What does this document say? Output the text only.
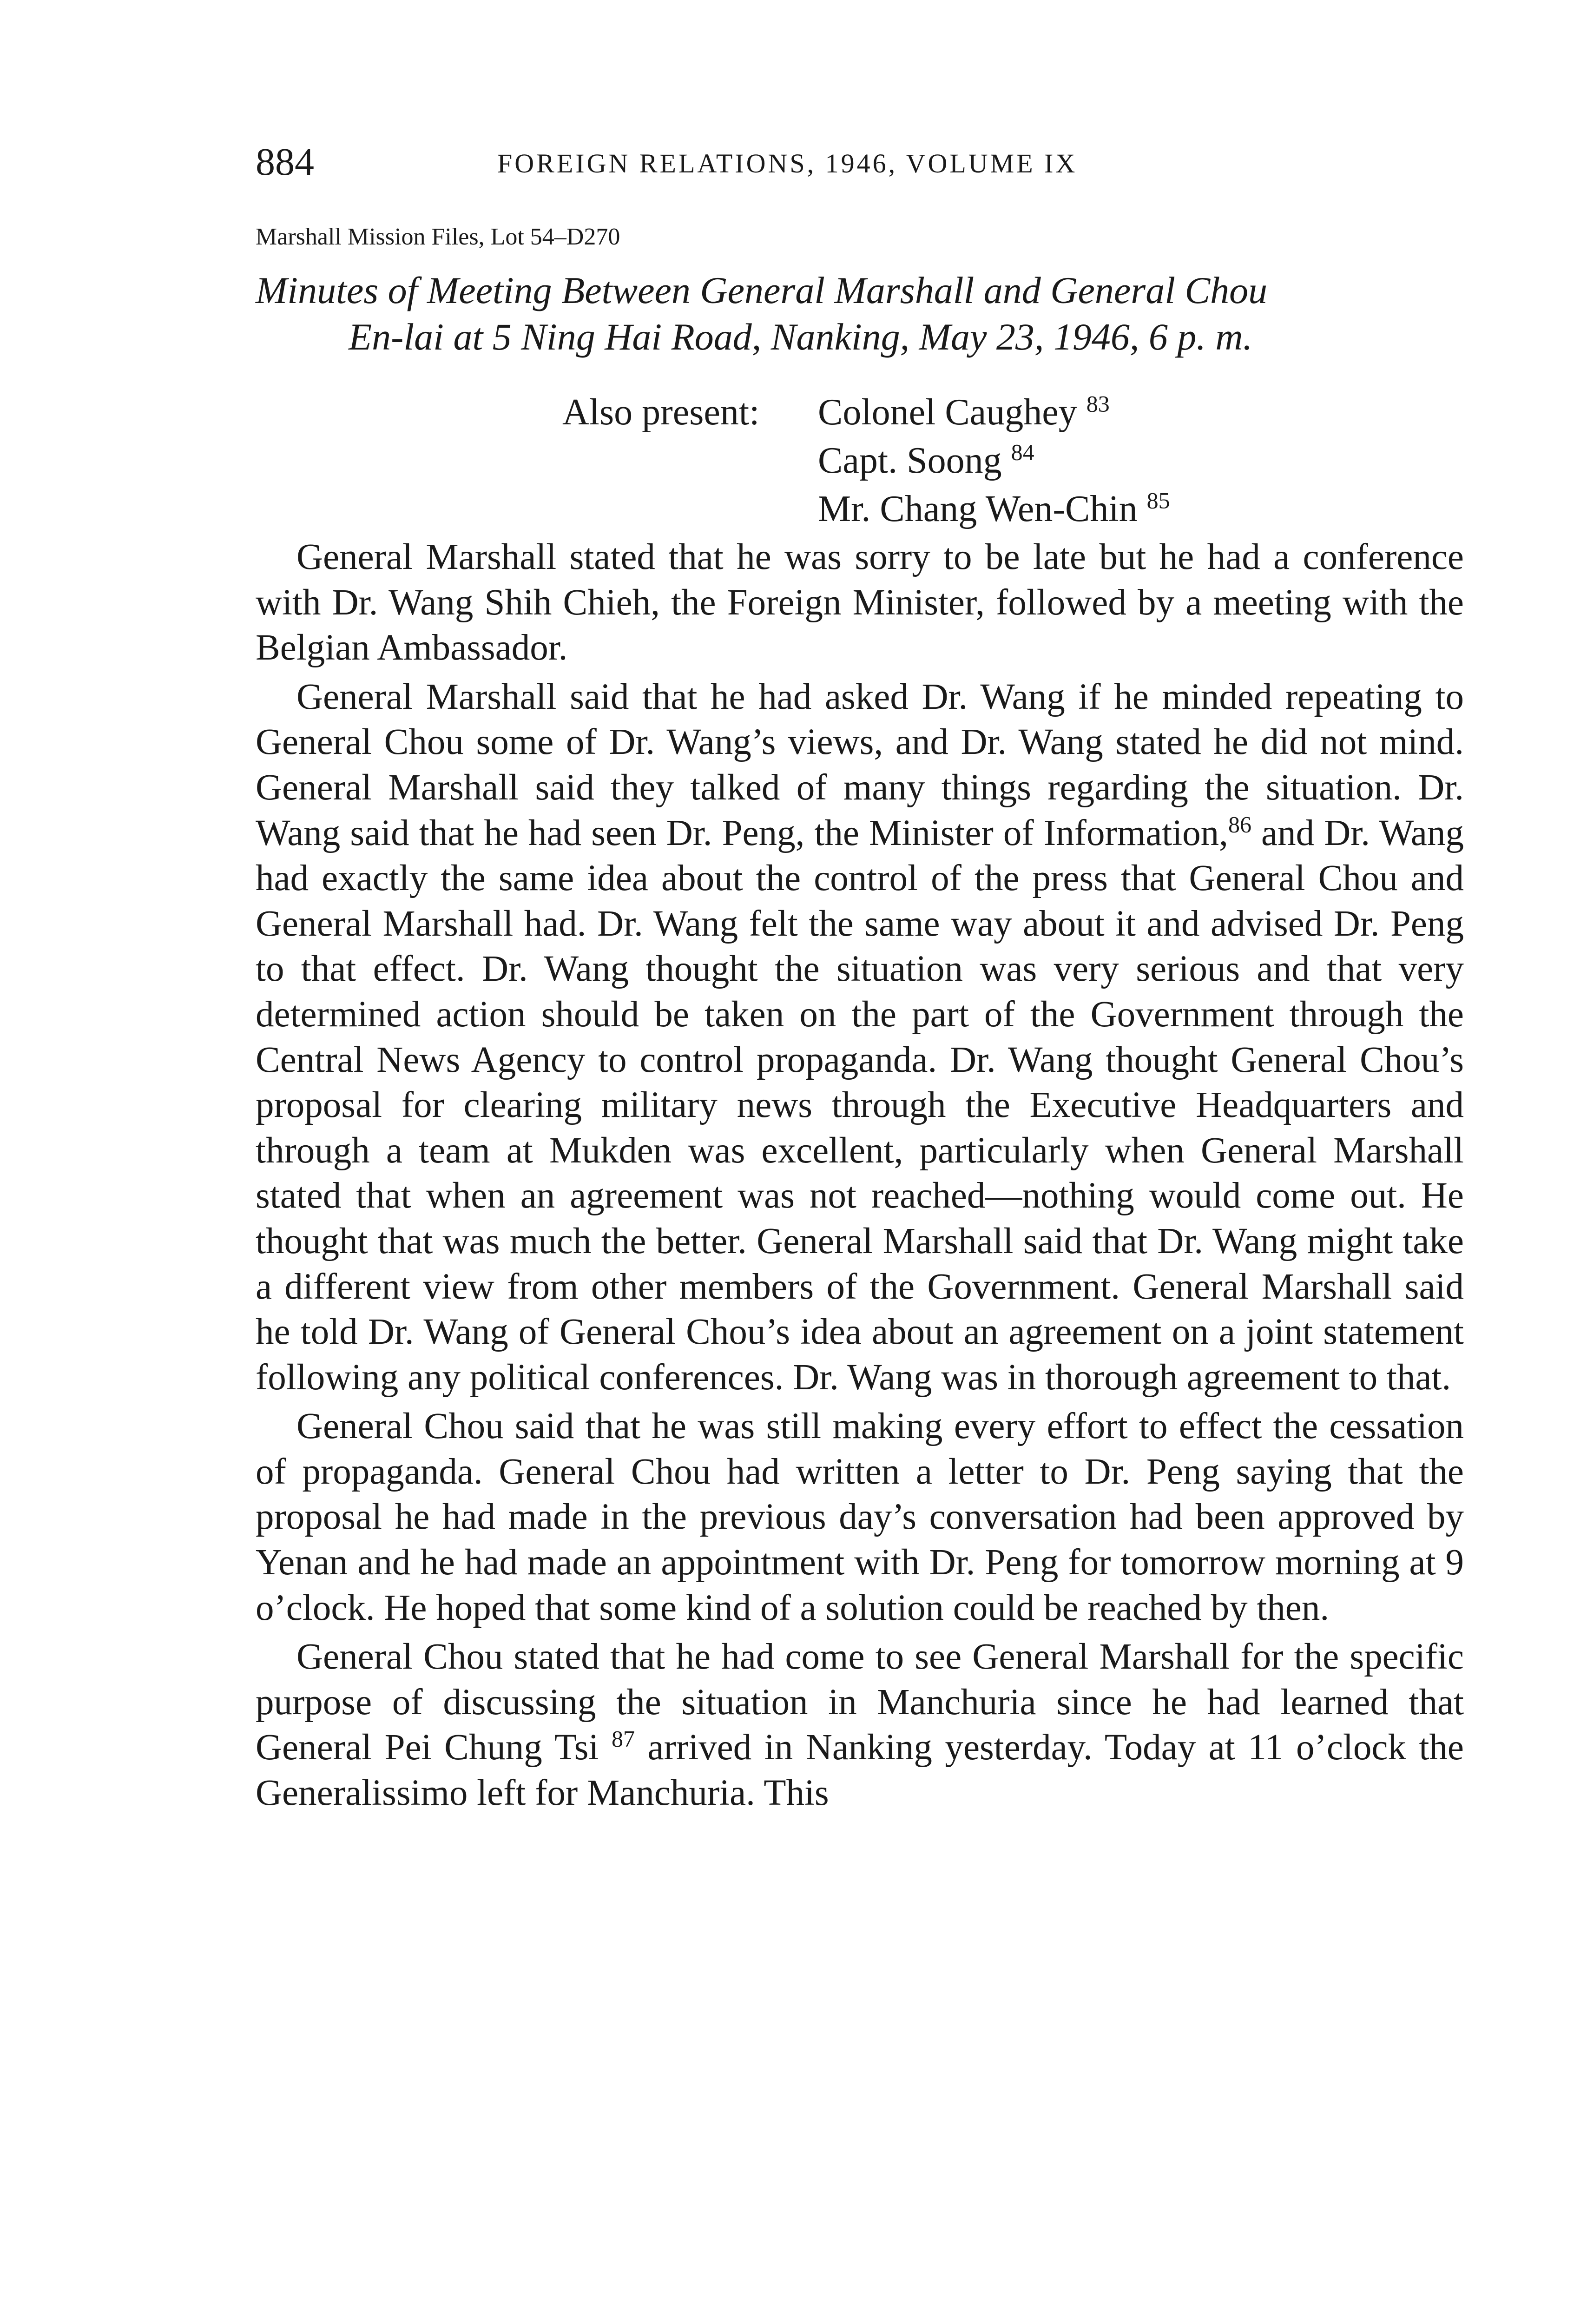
884	FOREIGN RELATIONS, 1946, VOLUME IX
Marshall Mission Files, Lot 54–D270
Minutes of Meeting Between General Marshall and General Chou
En-lai at 5 Ning Hai Road, Nanking, May 23, 1946, 6 p. m.
Also present:	Colonel Caughey $^{83}$
Capt. Soong $^{84}$
Mr. Chang Wen-Chin $^{85}$

General Marshall stated that he was sorry to be late but he had a conference with Dr. Wang Shih Chieh, the Foreign Minister, followed by a meeting with the Belgian Ambassador.

General Marshall said that he had asked Dr. Wang if he minded repeating to General Chou some of Dr. Wang’s views, and Dr. Wang stated he did not mind. General Marshall said they talked of many things regarding the situation. Dr. Wang said that he had seen Dr. Peng, the Minister of Information,$^{86}$ and Dr. Wang had exactly the same idea about the control of the press that General Chou and General Marshall had. Dr. Wang felt the same way about it and advised Dr. Peng to that effect. Dr. Wang thought the situation was very serious and that very determined action should be taken on the part of the Government through the Central News Agency to control propaganda. Dr. Wang thought General Chou’s proposal for clearing military news through the Executive Headquarters and through a team at Mukden was excellent, particularly when General Marshall stated that when an agreement was not reached—nothing would come out. He thought that was much the better. General Marshall said that Dr. Wang might take a different view from other members of the Government. General Marshall said he told Dr. Wang of General Chou’s idea about an agreement on a joint statement following any political conferences. Dr. Wang was in thorough agreement to that.

General Chou said that he was still making every effort to effect the cessation of propaganda. General Chou had written a letter to Dr. Peng saying that the proposal he had made in the previous day’s conversation had been approved by Yenan and he had made an appointment with Dr. Peng for tomorrow morning at 9 o’clock. He hoped that some kind of a solution could be reached by then.

General Chou stated that he had come to see General Marshall for the specific purpose of discussing the situation in Manchuria since he had learned that General Pei Chung Tsi $^{87}$ arrived in Nanking yesterday. Today at 11 o’clock the Generalissimo left for Manchuria. This
